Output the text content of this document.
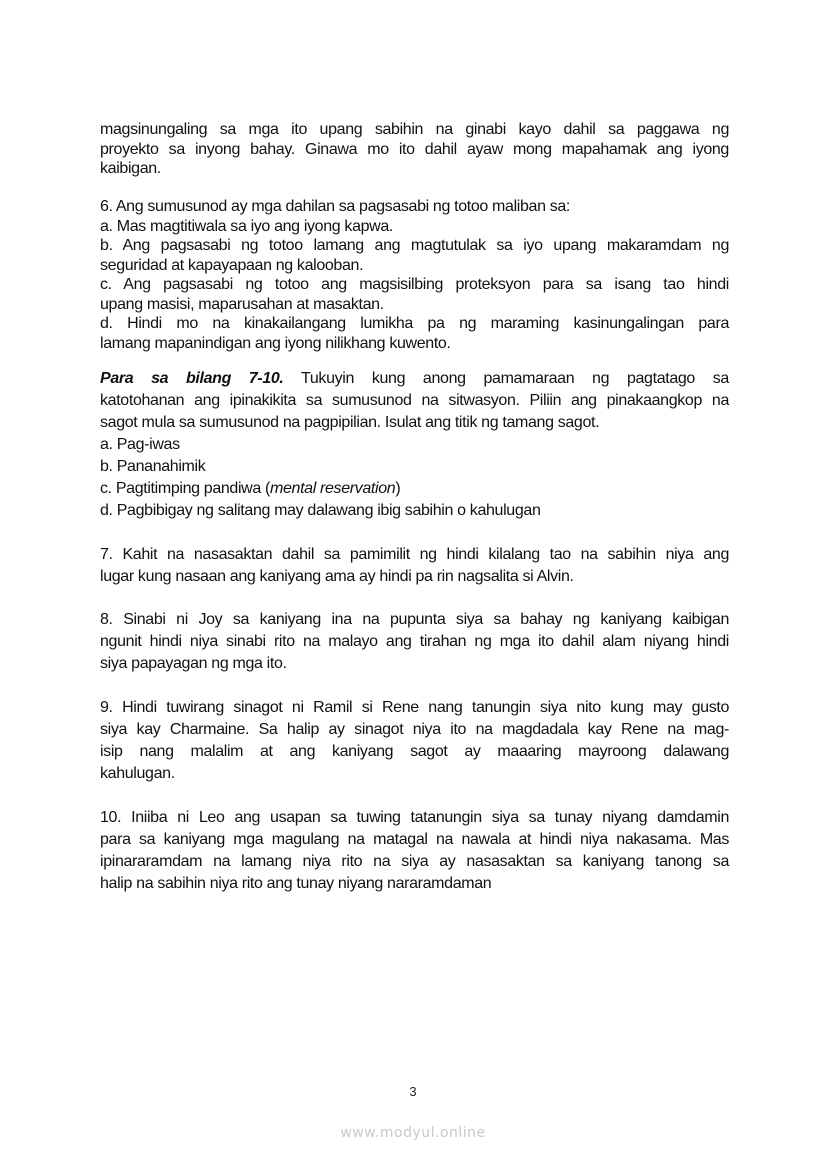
magsinungaling sa mga ito upang sabihin na ginabi kayo dahil sa paggawa ng
proyekto sa inyong bahay. Ginawa mo ito dahil ayaw mong mapahamak ang iyong
kaibigan.
6. Ang sumusunod ay mga dahilan sa pagsasabi ng totoo maliban sa:
a. Mas magtitiwala sa iyo ang iyong kapwa.
b. Ang pagsasabi ng totoo lamang ang magtutulak sa iyo upang makaramdam ng
seguridad at kapayapaan ng kalooban.
c. Ang pagsasabi ng totoo ang magsisilbing proteksyon para sa isang tao hindi
upang masisi, maparusahan at masaktan.
d. Hindi mo na kinakailangang lumikha pa ng maraming kasinungalingan para
lamang mapanindigan ang iyong nilikhang kuwento.
Para sa bilang 7-10. Tukuyin kung anong pamamaraan ng pagtatago sa
katotohanan ang ipinakikita sa sumusunod na sitwasyon. Piliin ang pinakaangkop na
sagot mula sa sumusunod na pagpipilian. Isulat ang titik ng tamang sagot.
a. Pag-iwas
b. Pananahimik
c. Pagtitimping pandiwa (mental reservation)
d. Pagbibigay ng salitang may dalawang ibig sabihin o kahulugan
7. Kahit na nasasaktan dahil sa pamimilit ng hindi kilalang tao na sabihin niya ang
lugar kung nasaan ang kaniyang ama ay hindi pa rin nagsalita si Alvin.
8. Sinabi ni Joy sa kaniyang ina na pupunta siya sa bahay ng kaniyang kaibigan
ngunit hindi niya sinabi rito na malayo ang tirahan ng mga ito dahil alam niyang hindi
siya papayagan ng mga ito.
9. Hindi tuwirang sinagot ni Ramil si Rene nang tanungin siya nito kung may gusto
siya kay Charmaine. Sa halip ay sinagot niya ito na magdadala kay Rene na mag-
isip nang malalim at ang kaniyang sagot ay maaaring mayroong dalawang
kahulugan.
10. Iniiba ni Leo ang usapan sa tuwing tatanungin siya sa tunay niyang damdamin
para sa kaniyang mga magulang na matagal na nawala at hindi niya nakasama. Mas
ipinararamdam na lamang niya rito na siya ay nasasaktan sa kaniyang tanong sa
halip na sabihin niya rito ang tunay niyang nararamdaman
3
www.modyul.online
